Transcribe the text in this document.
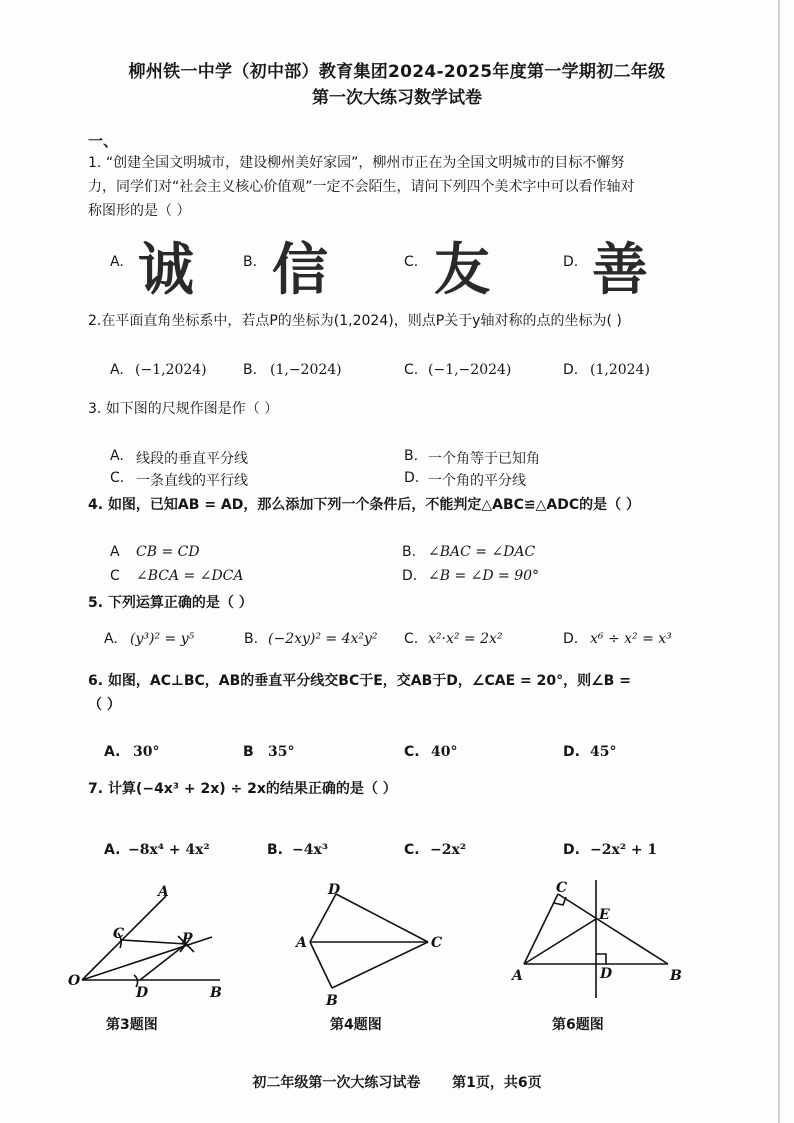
柳州铁一中学（初中部）教育集团2024-2025年度第一学期初二年级
第一次大练习数学试卷
一、
1. “创建全国文明城市，建设柳州美好家园”，柳州市正在为全国文明城市的目标不懈努
力，同学们对“社会主义核心价值观”一定不会陌生，请问下列四个美术字中可以看作轴对
称图形的是（ ）
A. 诚	B. 信	C. 友	D. 善
2.在平面直角坐标系中，若点P的坐标为(1,2024)，则点P关于y轴对称的点的坐标为( )
A. (−1,2024)	B. (1,−2024)	C. (−1,−2024)	D. (1,2024)
3. 如下图的尺规作图是作（ ）
A. 线段的垂直平分线	B. 一个角等于已知角
C. 一条直线的平行线	D. 一个角的平分线
4. 如图，已知AB = AD，那么添加下列一个条件后，不能判定△ABC≌△ADC的是（ ）
A CB = CD	B. ∠BAC = ∠DAC
C ∠BCA = ∠DCA	D. ∠B = ∠D = 90°
5. 下列运算正确的是（ ）
A. (y³)² = y⁵	B. (−2xy)² = 4x²y² C. x²·x² = 2x²	D. x⁶ ÷ x² = x³
6. 如图，AC⊥BC，AB的垂直平分线交BC于E，交AB于D，∠CAE = 20°，则∠B =
（ ）
A. 30°	B 35°	C. 40°	D. 45°
7. 计算(−4x³ + 2x) ÷ 2x的结果正确的是（ ）
A. −8x⁴ + 4x²	B. −4x³	C. −2x²	D. −2x² + 1
A
C	P
O
D	B
第3题图
D
A	C
B
第4题图
C
E
A	D	B
第6题图
初二年级第一次大练习试卷 第1页，共6页
